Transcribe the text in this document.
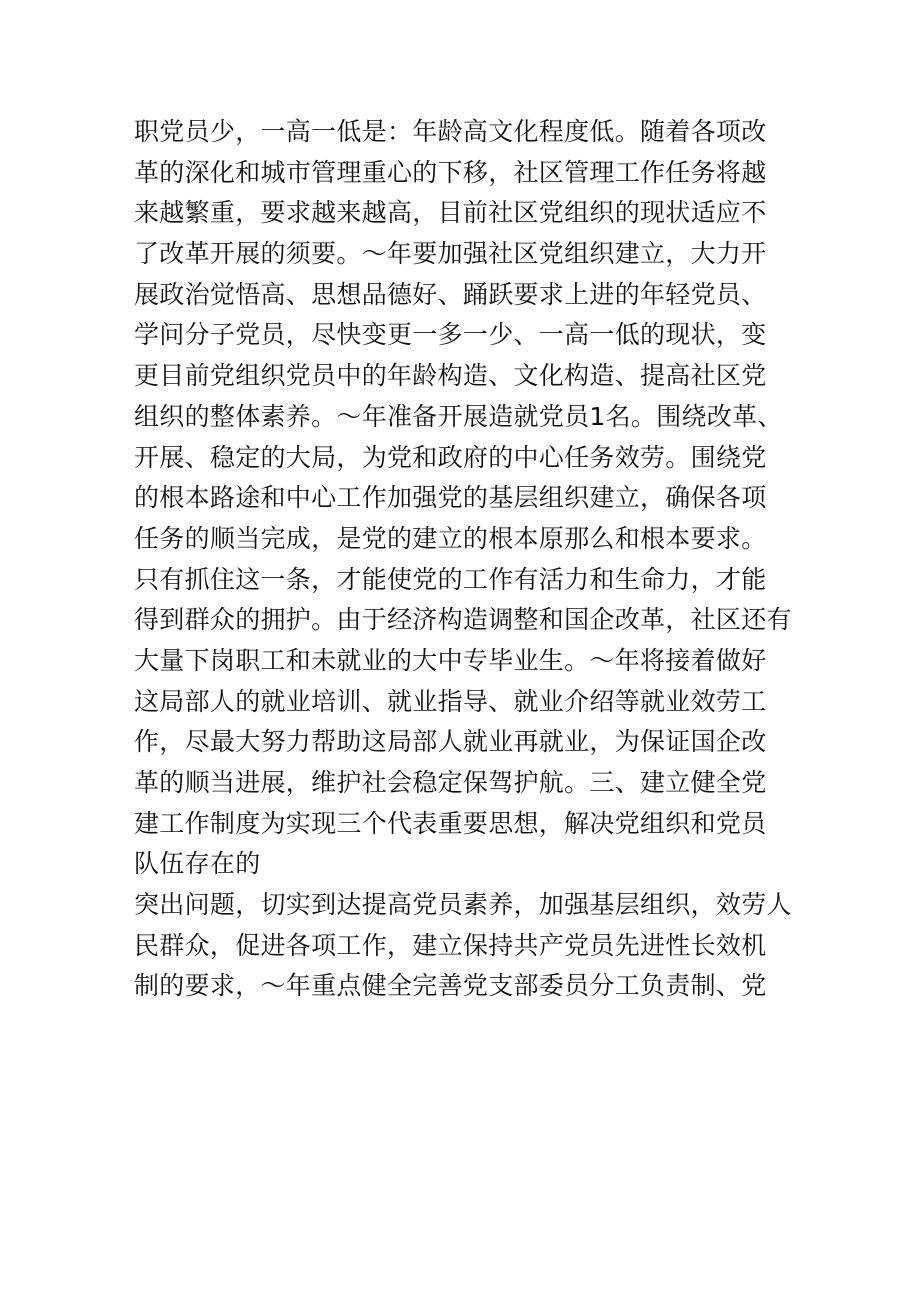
职党员少，一高一低是：年龄高文化程度低。随着各项改
革的深化和城市管理重心的下移，社区管理工作任务将越
来越繁重，要求越来越高，目前社区党组织的现状适应不
了改革开展的须要。～年要加强社区党组织建立，大力开
展政治觉悟高、思想品德好、踊跃要求上进的年轻党员、
学问分子党员，尽快变更一多一少、一高一低的现状，变
更目前党组织党员中的年龄构造、文化构造、提高社区党
组织的整体素养。～年准备开展造就党员1名。围绕改革、
开展、稳定的大局，为党和政府的中心任务效劳。围绕党
的根本路途和中心工作加强党的基层组织建立，确保各项
任务的顺当完成，是党的建立的根本原那么和根本要求。
只有抓住这一条，才能使党的工作有活力和生命力，才能
得到群众的拥护。由于经济构造调整和国企改革，社区还有
大量下岗职工和未就业的大中专毕业生。～年将接着做好
这局部人的就业培训、就业指导、就业介绍等就业效劳工
作，尽最大努力帮助这局部人就业再就业，为保证国企改
革的顺当进展，维护社会稳定保驾护航。三、建立健全党
建工作制度为实现三个代表重要思想，解决党组织和党员
队伍存在的
突出问题，切实到达提高党员素养，加强基层组织，效劳人
民群众，促进各项工作，建立保持共产党员先进性长效机
制的要求，～年重点健全完善党支部委员分工负责制、党
